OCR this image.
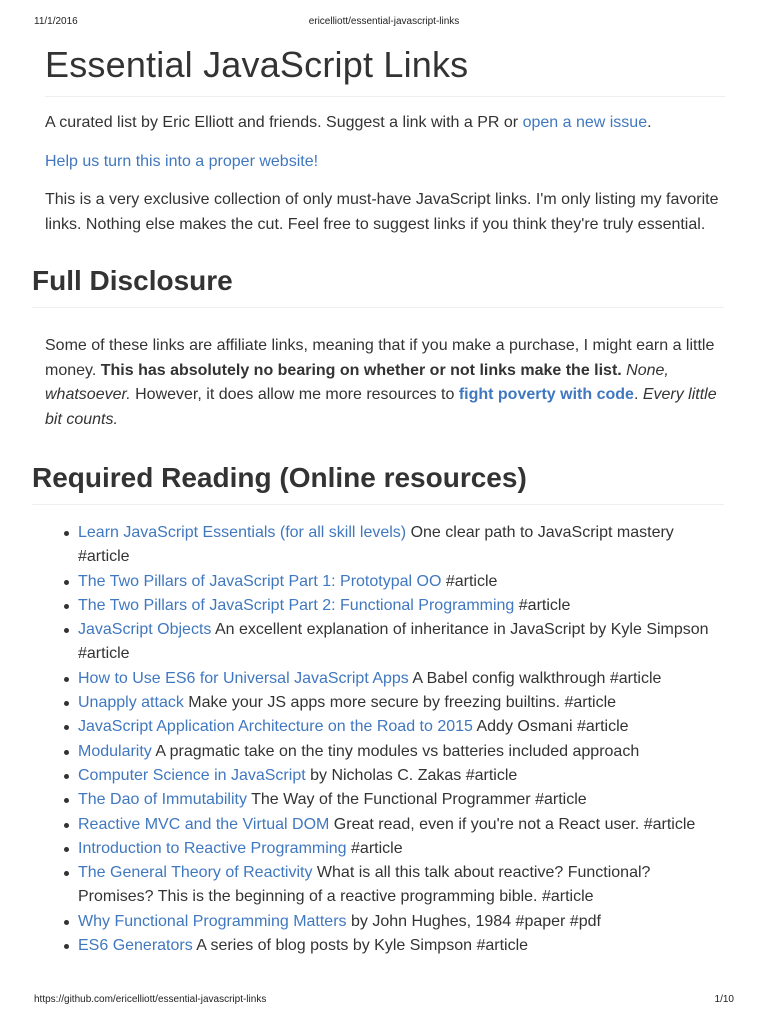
11/1/2016	ericelliott/essential-javascript-links
Essential JavaScript Links

A curated list by Eric Elliott and friends. Suggest a link with a PR or open a new issue.

Help us turn this into a proper website!

This is a very exclusive collection of only must-have JavaScript links. I'm only listing my favorite links. Nothing else makes the cut. Feel free to suggest links if you think they're truly essential.

Full Disclosure

Some of these links are affiliate links, meaning that if you make a purchase, I might earn a little money. This has absolutely no bearing on whether or not links make the list. None, whatsoever. However, it does allow me more resources to fight poverty with code. Every little bit counts.

Required Reading (Online resources)
Learn JavaScript Essentials (for all skill levels) One clear path to JavaScript mastery #article
The Two Pillars of JavaScript Part 1: Prototypal OO #article
The Two Pillars of JavaScript Part 2: Functional Programming #article
JavaScript Objects An excellent explanation of inheritance in JavaScript by Kyle Simpson #article
How to Use ES6 for Universal JavaScript Apps A Babel config walkthrough #article
Unapply attack Make your JS apps more secure by freezing builtins. #article
JavaScript Application Architecture on the Road to 2015 Addy Osmani #article
Modularity A pragmatic take on the tiny modules vs batteries included approach
Computer Science in JavaScript by Nicholas C. Zakas #article
The Dao of Immutability The Way of the Functional Programmer #article
Reactive MVC and the Virtual DOM Great read, even if you're not a React user. #article
Introduction to Reactive Programming #article
The General Theory of Reactivity What is all this talk about reactive? Functional? Promises? This is the beginning of a reactive programming bible. #article
Why Functional Programming Matters by John Hughes, 1984 #paper #pdf
ES6 Generators A series of blog posts by Kyle Simpson #article
https://github.com/ericelliott/essential-javascript-links	1/10
